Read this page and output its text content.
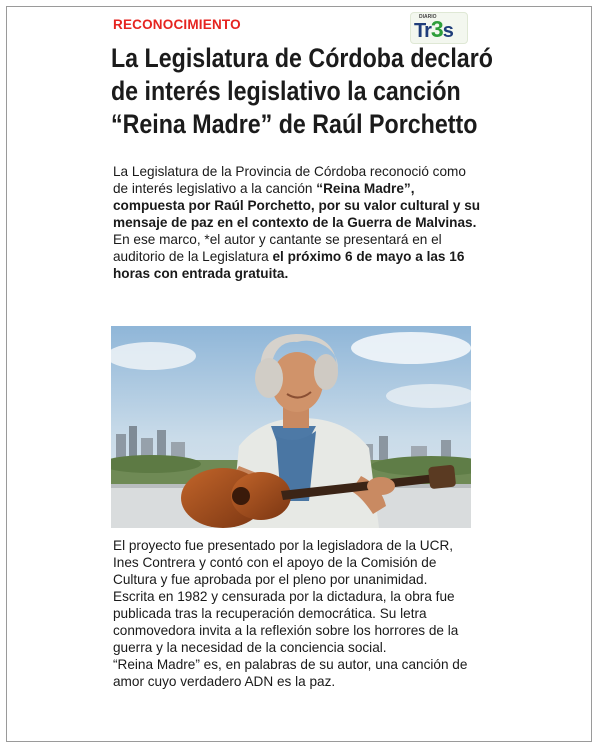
RECONOCIMIENTO	DIARIO
Tr3s
La Legislatura de Córdoba declaró
de interés legislativo la canción
“Reina Madre” de Raúl Porchetto
La Legislatura de la Provincia de Córdoba reconoció como de interés legislativo a la canción “Reina Madre”, compuesta por Raúl Porchetto, por su valor cultural y su mensaje de paz en el contexto de la Guerra de Malvinas.
En ese marco, *el autor y cantante se presentará en el auditorio de la Legislatura el próximo 6 de mayo a las 16 horas con entrada gratuita.

El proyecto fue presentado por la legisladora de la UCR, Ines Contrera y contó con el apoyo de la Comisión de Cultura y fue aprobada por el pleno por unanimidad.

Escrita en 1982 y censurada por la dictadura, la obra fue publicada tras la recuperación democrática. Su letra conmovedora invita a la reflexión sobre los horrores de la guerra y la necesidad de la conciencia social.

“Reina Madre” es, en palabras de su autor, una canción de amor cuyo verdadero ADN es la paz.
